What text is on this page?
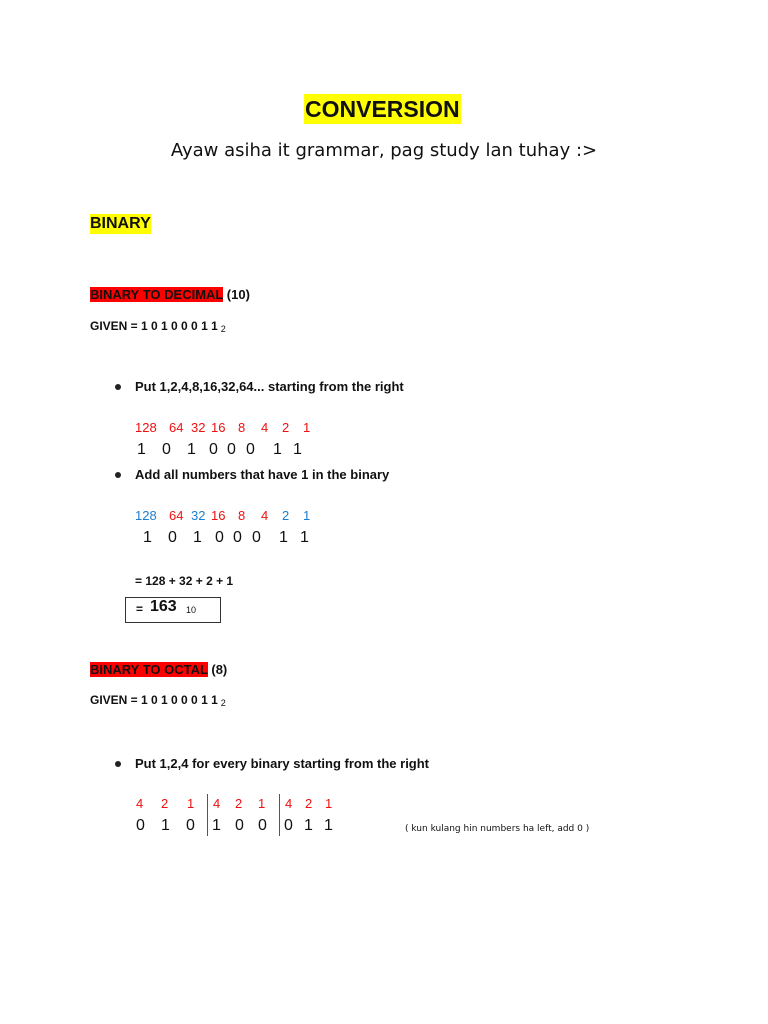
CONVERSION
Ayaw asiha it grammar, pag study lan tuhay :>
BINARY
BINARY TO DECIMAL (10)
GIVEN = 1 0 1 0 0 0 1 1 $_2$
Put 1,2,4,8,16,32,64... starting from the right
128 64 32 16 8 4 2 1
1 0 1 0 0 0 1 1
Add all numbers that have 1 in the binary
128 64 32 16 8 4 2 1
1 0 1 0 0 0 1 1
= 128 + 32 + 2 + 1
= 163 10
BINARY TO OCTAL (8)
GIVEN = 1 0 1 0 0 0 1 1 $_2$
Put 1,2,4 for every binary starting from the right
4 2 1 4 2 1 4 2 1
0 1 0 1 0 0 0 1 1	( kun kulang hin numbers ha left, add 0 )
